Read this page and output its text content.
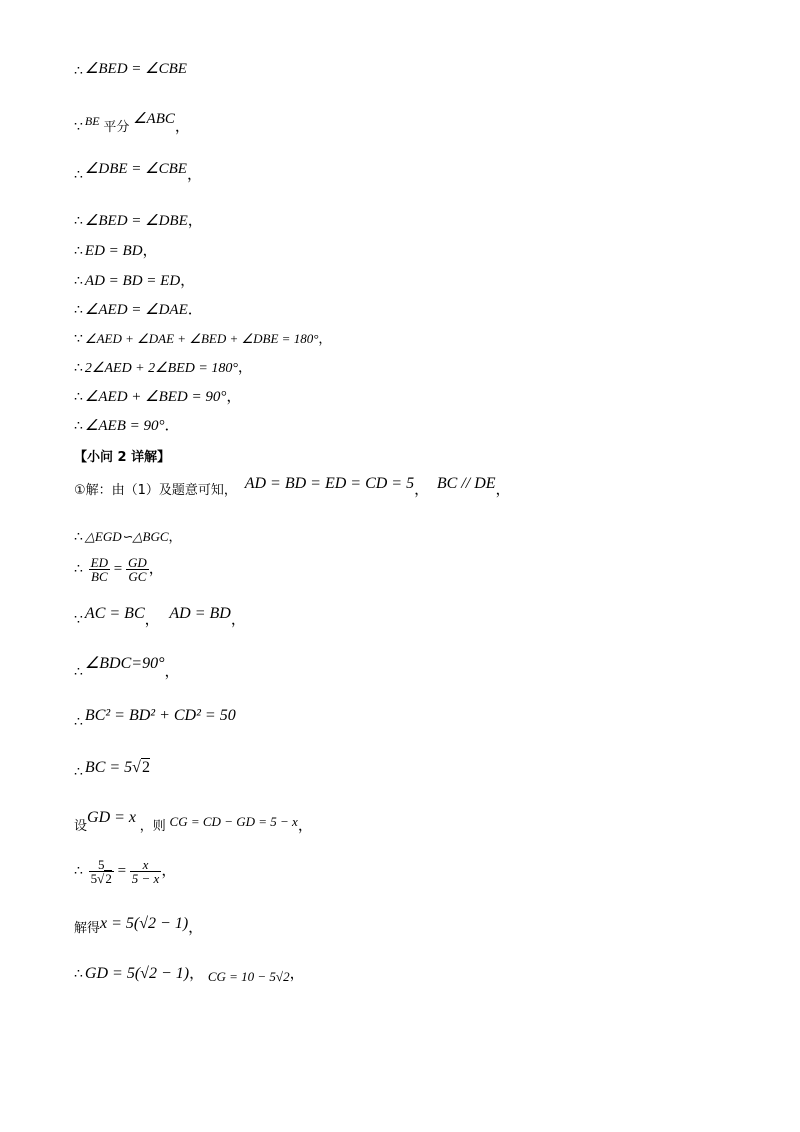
∴ ∠BED = ∠CBE
∵ $^{BE}$ 平分 ∠ABC，
∴ ∠DBE = ∠CBE，
∴ ∠BED = ∠DBE，
∴ ED = BD，
∴ AD = BD = ED，
∴ ∠AED = ∠DAE．
∵ ∠AED + ∠DAE + ∠BED + ∠DBE = 180°，
∴ 2∠AED + 2∠BED = 180°，
∴ ∠AED + ∠BED = 90°，
∴ ∠AEB = 90°．
【小问 2 详解】
①解：由（1）及题意可知， AD = BD = ED = CD = 5， BC // DE，
∴ △EGD∽△BGC，
∴ $\frac{ED}{BC} = \frac{GD}{GC}$ ，
∵ AC = BC， AD = BD，
∴ ∠BDC=90°，
∴ BC² = BD² + CD² = 50
∴ BC = 5√2
设GD = x ，则 CG = CD − GD = 5 − x，
∴ $\frac{5}{5√2} = \frac{x}{5 - x}$ ，
解得x = 5(√2 − 1)，
∴ GD = 5(√2 − 1)， CG = 10 − 5√2，
